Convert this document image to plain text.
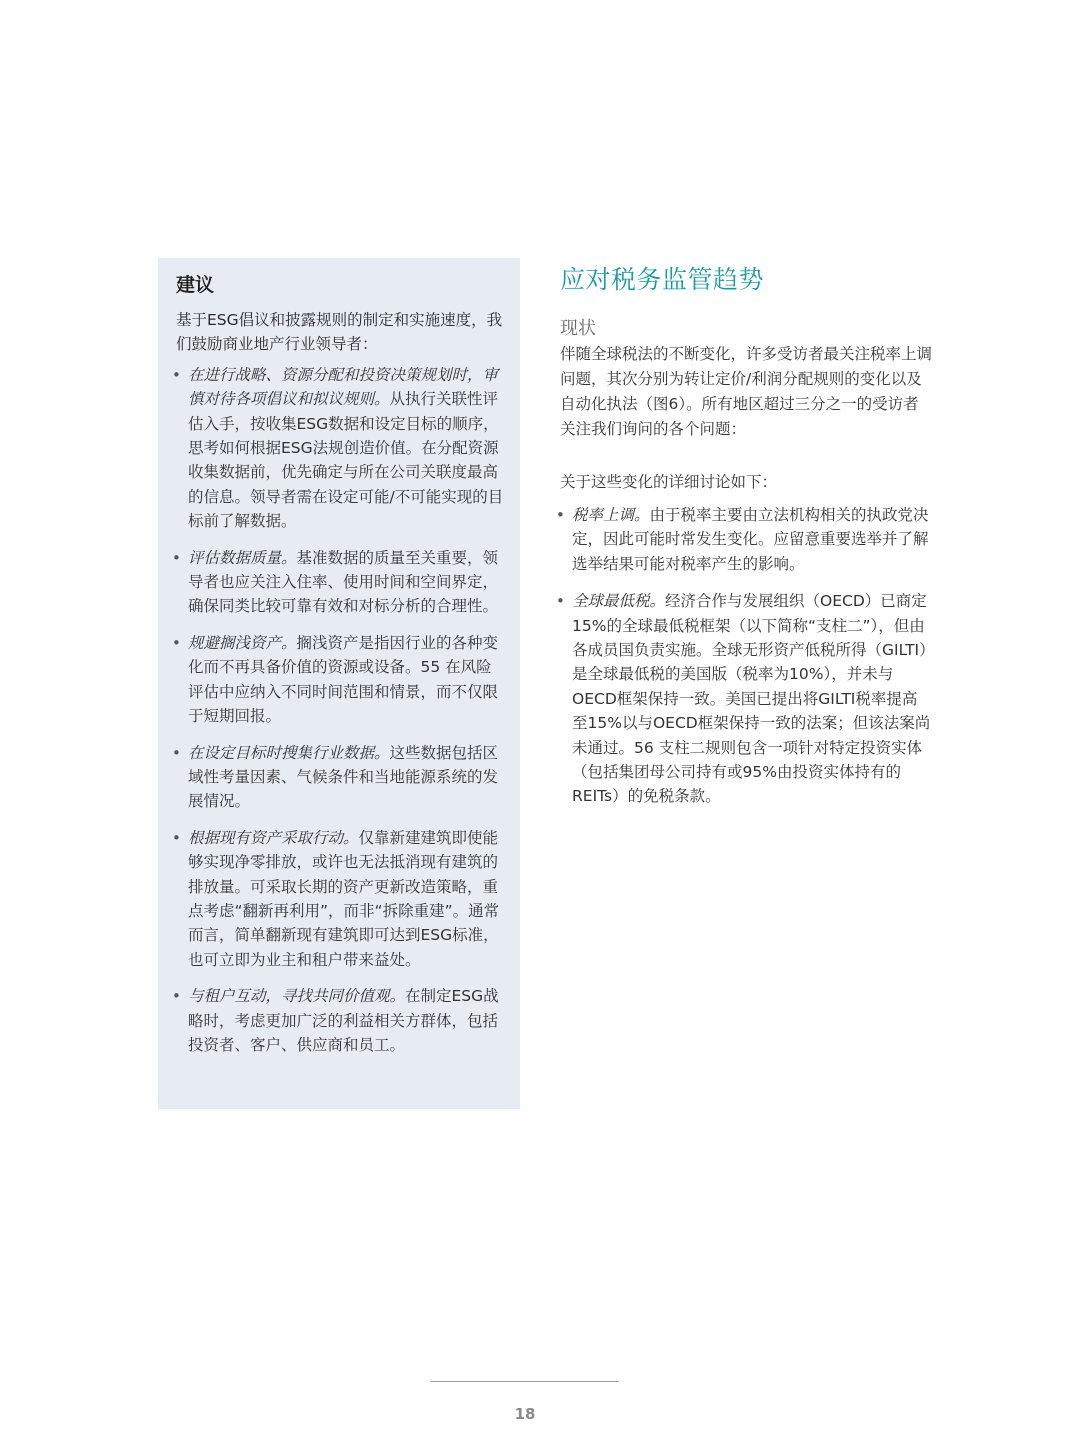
建议

基于ESG倡议和披露规则的制定和实施速度，我们鼓励商业地产行业领导者：

• 在进行战略、资源分配和投资决策规划时，审慎对待各项倡议和拟议规则。从执行关联性评估入手，按收集ESG数据和设定目标的顺序，思考如何根据ESG法规创造价值。在分配资源收集数据前，优先确定与所在公司关联度最高的信息。领导者需在设定可能/不可能实现的目标前了解数据。
• 评估数据质量。基准数据的质量至关重要，领导者也应关注入住率、使用时间和空间界定，确保同类比较可靠有效和对标分析的合理性。
• 规避搁浅资产。搁浅资产是指因行业的各种变化而不再具备价值的资源或设备。55 在风险评估中应纳入不同时间范围和情景，而不仅限于短期回报。
• 在设定目标时搜集行业数据。这些数据包括区域性考量因素、气候条件和当地能源系统的发展情况。
• 根据现有资产采取行动。仅靠新建建筑即使能够实现净零排放，或许也无法抵消现有建筑的排放量。可采取长期的资产更新改造策略，重点考虑“翻新再利用”，而非“拆除重建”。通常而言，简单翻新现有建筑即可达到ESG标准，也可立即为业主和租户带来益处。
• 与租户互动，寻找共同价值观。在制定ESG战略时，考虑更加广泛的利益相关方群体，包括投资者、客户、供应商和员工。
应对税务监管趋势
现状

伴随全球税法的不断变化，许多受访者最关注税率上调问题，其次分别为转让定价/利润分配规则的变化以及自动化执法（图6）。所有地区超过三分之一的受访者关注我们询问的各个问题：

关于这些变化的详细讨论如下：

• 税率上调。由于税率主要由立法机构相关的执政党决定，因此可能时常发生变化。应留意重要选举并了解选举结果可能对税率产生的影响。
• 全球最低税。经济合作与发展组织（OECD）已商定15%的全球最低税框架（以下简称“支柱二”），但由各成员国负责实施。全球无形资产低税所得（GILTI）是全球最低税的美国版（税率为10%），并未与OECD框架保持一致。美国已提出将GILTI税率提高至15%以与OECD框架保持一致的法案；但该法案尚未通过。56 支柱二规则包含一项针对特定投资实体（包括集团母公司持有或95%由投资实体持有的REITs）的免税条款。
18
